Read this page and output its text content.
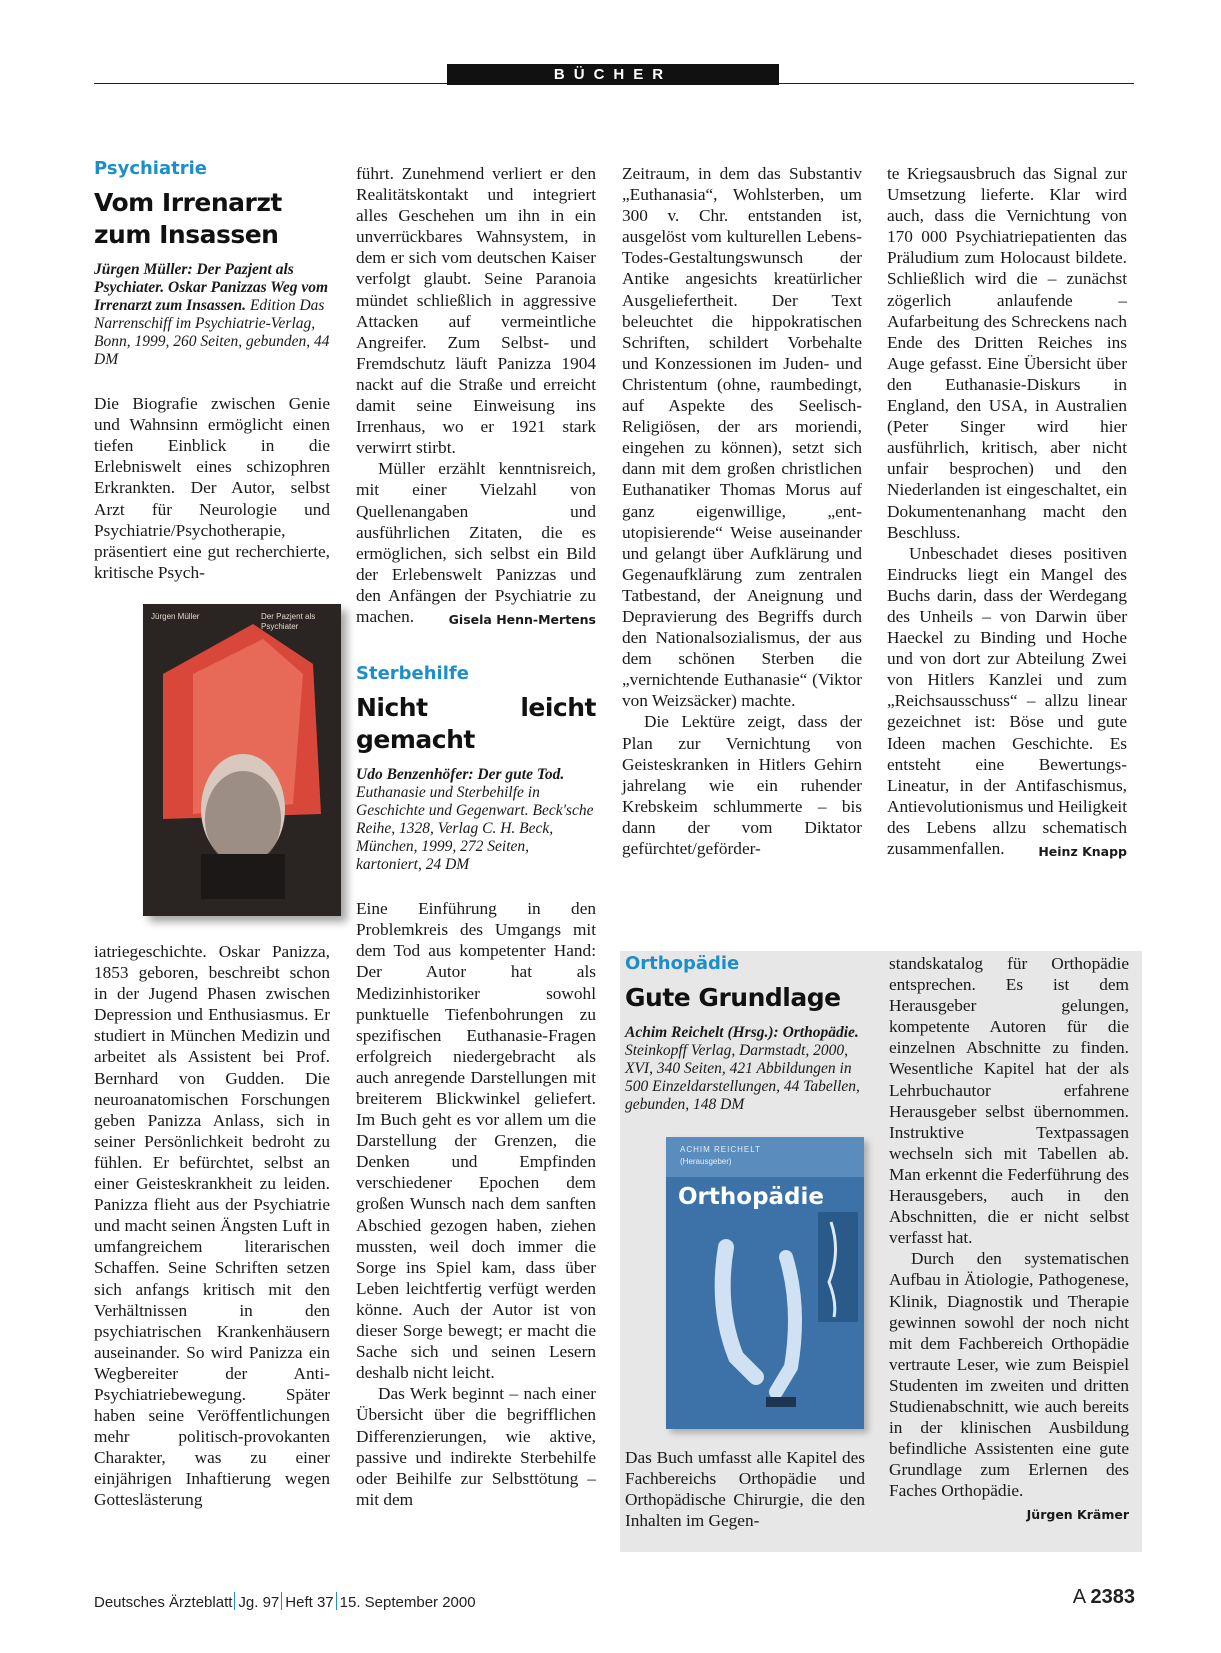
BÜCHER
Psychiatrie
Vom Irrenarzt
zum Insassen
Jürgen Müller: Der Pazjent als Psychiater. Oskar Panizzas Weg vom Irrenarzt zum Insassen. Edition Das Narrenschiff im Psychiatrie-Verlag, Bonn, 1999, 260 Seiten, gebunden, 44 DM

Die Biografie zwischen Genie und Wahnsinn ermöglicht einen tiefen Einblick in die Erlebniswelt eines schizophren Erkrankten. Der Autor, selbst Arzt für Neurologie und Psychiatrie/Psychotherapie, präsentiert eine gut recherchierte, kritische Psych-

Jürgen Müller	Der Pazjent als Psychiater

iatriegeschichte. Oskar Panizza, 1853 geboren, beschreibt schon in der Jugend Phasen zwischen Depression und Enthusiasmus. Er studiert in München Medizin und arbeitet als Assistent bei Prof. Bernhard von Gudden. Die neuroanatomischen Forschungen geben Panizza Anlass, sich in seiner Persönlichkeit bedroht zu fühlen. Er befürchtet, selbst an einer Geisteskrankheit zu leiden. Panizza flieht aus der Psychiatrie und macht seinen Ängsten Luft in umfangreichem literarischen Schaffen. Seine Schriften setzen sich anfangs kritisch mit den Verhältnissen in den psychiatrischen Krankenhäusern auseinander. So wird Panizza ein Wegbereiter der Anti-Psychiatriebewegung. Später haben seine Veröffentlichungen mehr politisch-provokanten Charakter, was zu einer einjährigen Inhaftierung wegen Gotteslästerung

führt. Zunehmend verliert er den Realitätskontakt und integriert alles Geschehen um ihn in ein unverrückbares Wahnsystem, in dem er sich vom deutschen Kaiser verfolgt glaubt. Seine Paranoia mündet schließlich in aggressive Attacken auf vermeintliche Angreifer. Zum Selbst- und Fremdschutz läuft Panizza 1904 nackt auf die Straße und erreicht damit seine Einweisung ins Irrenhaus, wo er 1921 stark verwirrt stirbt.

Müller erzählt kenntnisreich, mit einer Vielzahl von Quellenangaben und ausführlichen Zitaten, die es ermöglichen, sich selbst ein Bild der Erlebenswelt Panizzas und den Anfängen der Psychiatrie zu machen.	Gisela Henn-Mertens

Sterbehilfe
Nicht leicht gemacht
Udo Benzenhöfer: Der gute Tod. Euthanasie und Sterbehilfe in Geschichte und Gegenwart. Beck'sche Reihe, 1328, Verlag C. H. Beck, München, 1999, 272 Seiten, kartoniert, 24 DM

Eine Einführung in den Problemkreis des Umgangs mit dem Tod aus kompetenter Hand: Der Autor hat als Medizinhistoriker sowohl punktuelle Tiefenbohrungen zu spezifischen Euthanasie-Fragen erfolgreich niedergebracht als auch anregende Darstellungen mit breiterem Blickwinkel geliefert. Im Buch geht es vor allem um die Darstellung der Grenzen, die Denken und Empfinden verschiedener Epochen dem großen Wunsch nach dem sanften Abschied gezogen haben, ziehen mussten, weil doch immer die Sorge ins Spiel kam, dass über Leben leichtfertig verfügt werden könne. Auch der Autor ist von dieser Sorge bewegt; er macht die Sache sich und seinen Lesern deshalb nicht leicht.

Das Werk beginnt – nach einer Übersicht über die begrifflichen Differenzierungen, wie aktive, passive und indirekte Sterbehilfe oder Beihilfe zur Selbsttötung – mit dem

Zeitraum, in dem das Substantiv „Euthanasia“, Wohlsterben, um 300 v. Chr. entstanden ist, ausgelöst vom kulturellen Lebens-Todes-Gestaltungswunsch der Antike angesichts kreatürlicher Ausgeliefertheit. Der Text beleuchtet die hippokratischen Schriften, schildert Vorbehalte und Konzessionen im Juden- und Christentum (ohne, raumbedingt, auf Aspekte des Seelisch-Religiösen, der ars moriendi, eingehen zu können), setzt sich dann mit dem großen christlichen Euthanatiker Thomas Morus auf ganz eigenwillige, „ent-utopisierende“ Weise auseinander und gelangt über Aufklärung und Gegenaufklärung zum zentralen Tatbestand, der Aneignung und Depravierung des Begriffs durch den Nationalsozialismus, der aus dem schönen Sterben die „vernichtende Euthanasie“ (Viktor von Weizsäcker) machte.

Die Lektüre zeigt, dass der Plan zur Vernichtung von Geisteskranken in Hitlers Gehirn jahrelang wie ein ruhender Krebskeim schlummerte – bis dann der vom Diktator gefürchtet/geförder-

te Kriegsausbruch das Signal zur Umsetzung lieferte. Klar wird auch, dass die Vernichtung von 170 000 Psychiatriepatienten das Präludium zum Holocaust bildete. Schließlich wird die – zunächst zögerlich anlaufende – Aufarbeitung des Schreckens nach Ende des Dritten Reiches ins Auge gefasst. Eine Übersicht über den Euthanasie-Diskurs in England, den USA, in Australien (Peter Singer wird hier ausführlich, kritisch, aber nicht unfair besprochen) und den Niederlanden ist eingeschaltet, ein Dokumentenanhang macht den Beschluss.

Unbeschadet dieses positiven Eindrucks liegt ein Mangel des Buchs darin, dass der Werdegang des Unheils – von Darwin über Haeckel zu Binding und Hoche und von dort zur Abteilung Zwei von Hitlers Kanzlei und zum „Reichsausschuss“ – allzu linear gezeichnet ist: Böse und gute Ideen machen Geschichte. Es entsteht eine Bewertungs-Lineatur, in der Antifaschismus, Antievolutionismus und Heiligkeit des Lebens allzu schematisch zusammenfallen.	Heinz Knapp

Orthopädie
Gute Grundlage
Achim Reichelt (Hrsg.): Orthopädie. Steinkopff Verlag, Darmstadt, 2000, XVI, 340 Seiten, 421 Abbildungen in 500 Einzeldarstellungen, 44 Tabellen, gebunden, 148 DM
ACHIM REICHELT
(Herausgeber)
Orthopädie

Das Buch umfasst alle Kapitel des Fachbereichs Orthopädie und Orthopädische Chirurgie, die den Inhalten im Gegen-

standskatalog für Orthopädie entsprechen. Es ist dem Herausgeber gelungen, kompetente Autoren für die einzelnen Abschnitte zu finden. Wesentliche Kapitel hat der als Lehrbuchautor erfahrene Herausgeber selbst übernommen. Instruktive Textpassagen wechseln sich mit Tabellen ab. Man erkennt die Federführung des Herausgebers, auch in den Abschnitten, die er nicht selbst verfasst hat.

Durch den systematischen Aufbau in Ätiologie, Pathogenese, Klinik, Diagnostik und Therapie gewinnen sowohl der noch nicht mit dem Fachbereich Orthopädie vertraute Leser, wie zum Beispiel Studenten im zweiten und dritten Studienabschnitt, wie auch bereits in der klinischen Ausbildung befindliche Assistenten eine gute Grundlage zum Erlernen des Faches Orthopädie.
Jürgen Krämer

Deutsches Ärzteblatt Jg. 97 Heft 37 15. September 2000	A 2383
